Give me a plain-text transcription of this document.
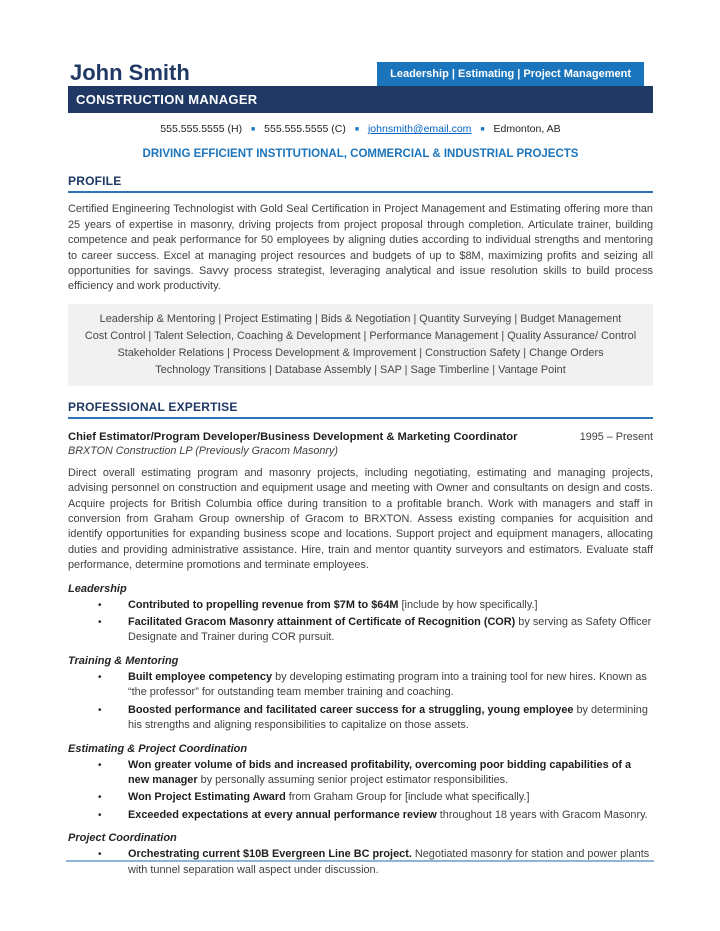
John Smith	Leadership | Estimating | Project Management
CONSTRUCTION MANAGER
555.555.5555 (H) ■ 555.555.5555 (C) ■ johnsmith@email.com ■ Edmonton, AB
DRIVING EFFICIENT INSTITUTIONAL, COMMERCIAL & INDUSTRIAL PROJECTS
PROFILE
Certified Engineering Technologist with Gold Seal Certification in Project Management and Estimating offering more than 25 years of expertise in masonry, driving projects from project proposal through completion. Articulate trainer, building competence and peak performance for 50 employees by aligning duties according to individual strengths and mentoring to career success. Excel at managing project resources and budgets of up to $8M, maximizing profits and seizing all opportunities for savings. Savvy process strategist, leveraging analytical and issue resolution skills to build process efficiency and work productivity.
Leadership & Mentoring | Project Estimating | Bids & Negotiation | Quantity Surveying | Budget Management
Cost Control | Talent Selection, Coaching & Development | Performance Management | Quality Assurance/ Control
Stakeholder Relations | Process Development & Improvement | Construction Safety | Change Orders
Technology Transitions | Database Assembly | SAP | Sage Timberline | Vantage Point
PROFESSIONAL EXPERTISE
Chief Estimator/Program Developer/Business Development & Marketing Coordinator	1995 – Present
BRXTON Construction LP (Previously Gracom Masonry)
Direct overall estimating program and masonry projects, including negotiating, estimating and managing projects, advising personnel on construction and equipment usage and meeting with Owner and consultants on design and costs. Acquire projects for British Columbia office during transition to a profitable branch. Work with managers and staff in conversion from Graham Group ownership of Gracom to BRXTON. Assess existing companies for acquisition and identify opportunities for expanding business scope and locations. Support project and equipment managers, allocating duties and providing administrative assistance. Hire, train and mentor quantity surveyors and estimators. Evaluate staff performance, determine promotions and terminate employees.
Leadership
•	Contributed to propelling revenue from $7M to $64M [include by how specifically.]
•	Facilitated Gracom Masonry attainment of Certificate of Recognition (COR) by serving as Safety Officer Designate and Trainer during COR pursuit.
Training & Mentoring
•	Built employee competency by developing estimating program into a training tool for new hires. Known as “the professor” for outstanding team member training and coaching.
•	Boosted performance and facilitated career success for a struggling, young employee by determining his strengths and aligning responsibilities to capitalize on those assets.
Estimating & Project Coordination
•	Won greater volume of bids and increased profitability, overcoming poor bidding capabilities of a new manager by personally assuming senior project estimator responsibilities.
•	Won Project Estimating Award from Graham Group for [include what specifically.]
•	Exceeded expectations at every annual performance review throughout 18 years with Gracom Masonry.
Project Coordination
•	Orchestrating current $10B Evergreen Line BC project. Negotiated masonry for station and power plants with tunnel separation wall aspect under discussion.
